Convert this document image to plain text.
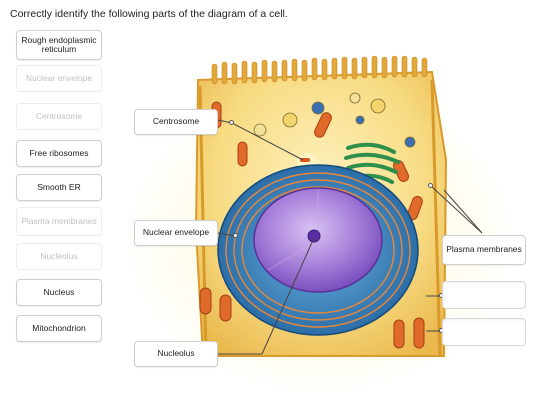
Correctly identify the following parts of the diagram of a cell.
Rough endoplasmic reticulum
Nuclear envelope
Centrosome
Free ribosomes
Smooth ER
Plasma membranes
Nucleolus
Nucleus
Mitochondrion
Centrosome
Nuclear envelope
Plasma membranes
Nucleolus
